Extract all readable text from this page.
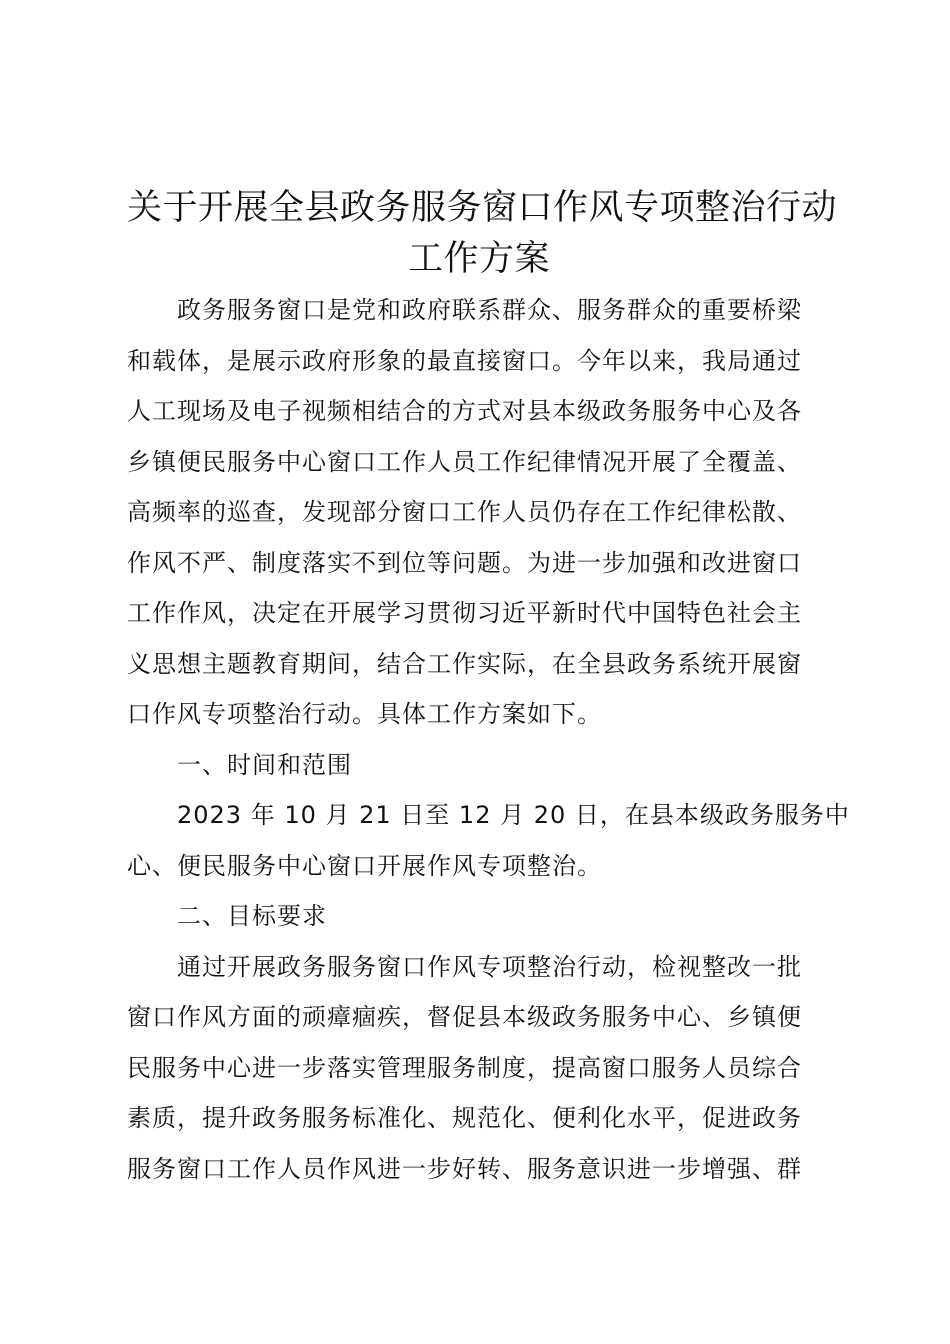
关于开展全县政务服务窗口作风专项整治行动
工作方案

政务服务窗口是党和政府联系群众、服务群众的重要桥梁
和载体，是展示政府形象的最直接窗口。今年以来，我局通过
人工现场及电子视频相结合的方式对县本级政务服务中心及各
乡镇便民服务中心窗口工作人员工作纪律情况开展了全覆盖、
高频率的巡查，发现部分窗口工作人员仍存在工作纪律松散、
作风不严、制度落实不到位等问题。为进一步加强和改进窗口
工作作风，决定在开展学习贯彻习近平新时代中国特色社会主
义思想主题教育期间，结合工作实际，在全县政务系统开展窗
口作风专项整治行动。具体工作方案如下。

一、时间和范围

2023 年 10 月 21 日至 12 月 20 日，在县本级政务服务中
心、便民服务中心窗口开展作风专项整治。

二、目标要求

通过开展政务服务窗口作风专项整治行动，检视整改一批
窗口作风方面的顽瘴痼疾，督促县本级政务服务中心、乡镇便
民服务中心进一步落实管理服务制度，提高窗口服务人员综合
素质，提升政务服务标准化、规范化、便利化水平，促进政务
服务窗口工作人员作风进一步好转、服务意识进一步增强、群
